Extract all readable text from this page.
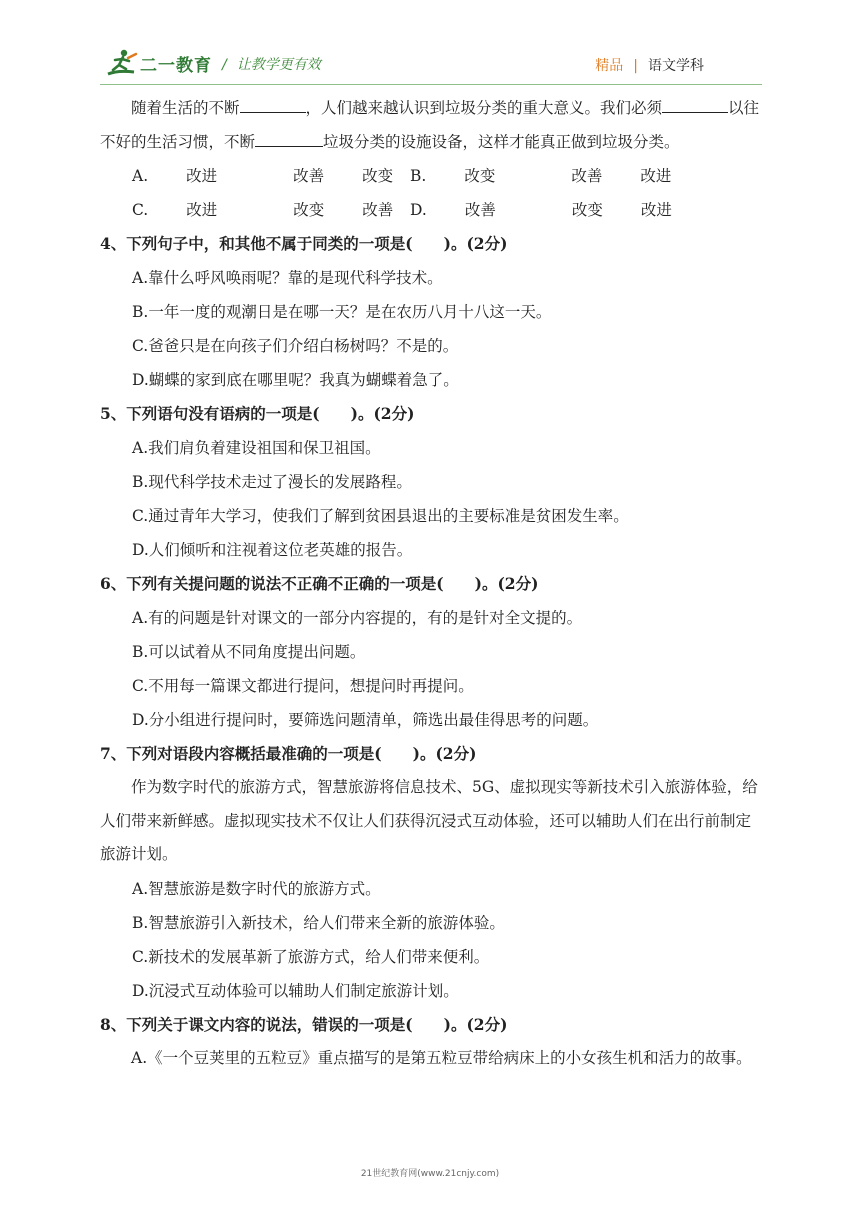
二一教育 / 让教学更有效	精品 | 语文学科

随着生活的不断	，人们越来越认识到垃圾分类的重大意义。我们必须	以往不好的生活习惯，不断	垃圾分类的设施设备，这样才能真正做到垃圾分类。

A. 改进	改善 改变 B. 改变	改善 改进
C. 改进	改变 改善 D. 改善	改变 改进
4、下列句子中，和其他不属于同类的一项是(　　)。(2分)
A.靠什么呼风唤雨呢？靠的是现代科学技术。
B.一年一度的观潮日是在哪一天？是在农历八月十八这一天。
C.爸爸只是在向孩子们介绍白杨树吗？不是的。
D.蝴蝶的家到底在哪里呢？我真为蝴蝶着急了。
5、下列语句没有语病的一项是(　　)。(2分)
A.我们肩负着建设祖国和保卫祖国。
B.现代科学技术走过了漫长的发展路程。
C.通过青年大学习，使我们了解到贫困县退出的主要标准是贫困发生率。
D.人们倾听和注视着这位老英雄的报告。
6、下列有关提问题的说法不正确不正确的一项是(　　)。(2分)
A.有的问题是针对课文的一部分内容提的，有的是针对全文提的。
B.可以试着从不同角度提出问题。
C.不用每一篇课文都进行提问，想提问时再提问。
D.分小组进行提问时，要筛选问题清单，筛选出最佳得思考的问题。
7、下列对语段内容概括最准确的一项是(　　)。(2分)

作为数字时代的旅游方式，智慧旅游将信息技术、5G、虚拟现实等新技术引入旅游体验，给人们带来新鲜感。虚拟现实技术不仅让人们获得沉浸式互动体验，还可以辅助人们在出行前制定旅游计划。

A.智慧旅游是数字时代的旅游方式。
B.智慧旅游引入新技术，给人们带来全新的旅游体验。
C.新技术的发展革新了旅游方式，给人们带来便利。
D.沉浸式互动体验可以辅助人们制定旅游计划。
8、下列关于课文内容的说法，错误的一项是(　　)。(2分)

A.《一个豆荚里的五粒豆》重点描写的是第五粒豆带给病床上的小女孩生机和活力的故事。

21世纪教育网(www.21cnjy.com)
